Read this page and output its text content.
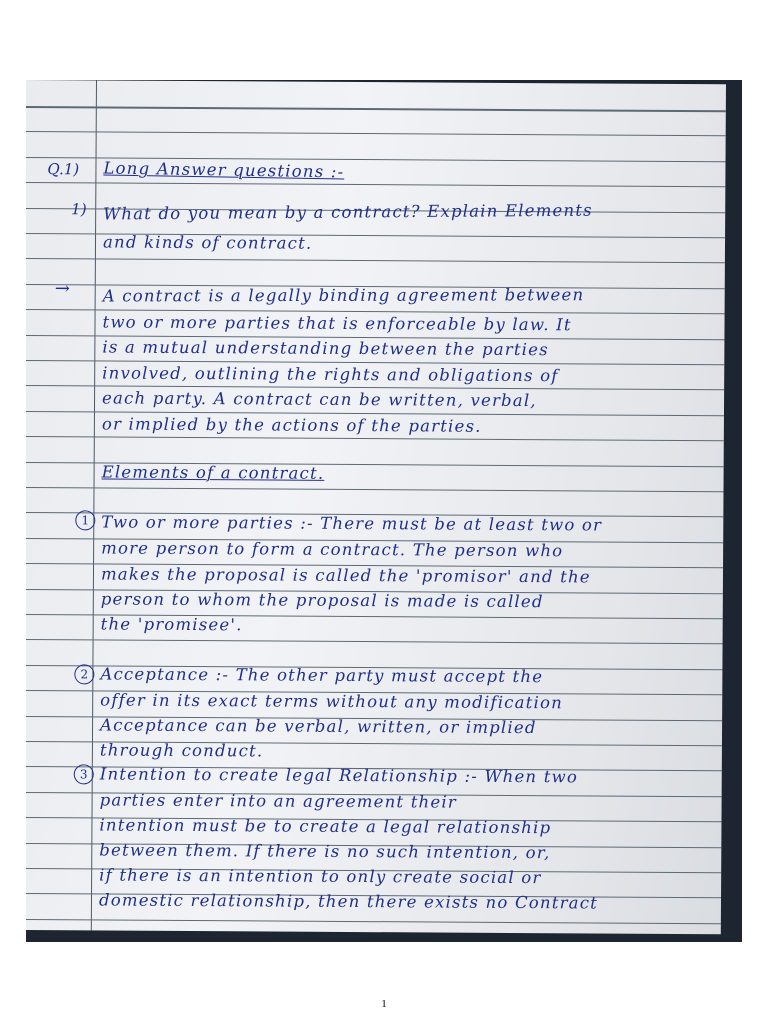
Q.1) Long Answer questions :-
1) What do you mean by a contract? Explain Elements
and kinds of contract.
→ A contract is a legally binding agreement between
two or more parties that is enforceable by law. It
is a mutual understanding between the parties
involved, outlining the rights and obligations of
each party. A contract can be written, verbal,
or implied by the actions of the parties.
Elements of a contract.
1 Two or more parties :- There must be at least two or
more person to form a contract. The person who
makes the proposal is called the 'promisor' and the
person to whom the proposal is made is called
the 'promisee'.
2 Acceptance :- The other party must accept the
offer in its exact terms without any modification
Acceptance can be verbal, written, or implied
through conduct.
3 Intention to create legal Relationship :- When two
parties enter into an agreement their
intention must be to create a legal relationship
between them. If there is no such intention, or,
if there is an intention to only create social or
domestic relationship, then there exists no Contract
1
